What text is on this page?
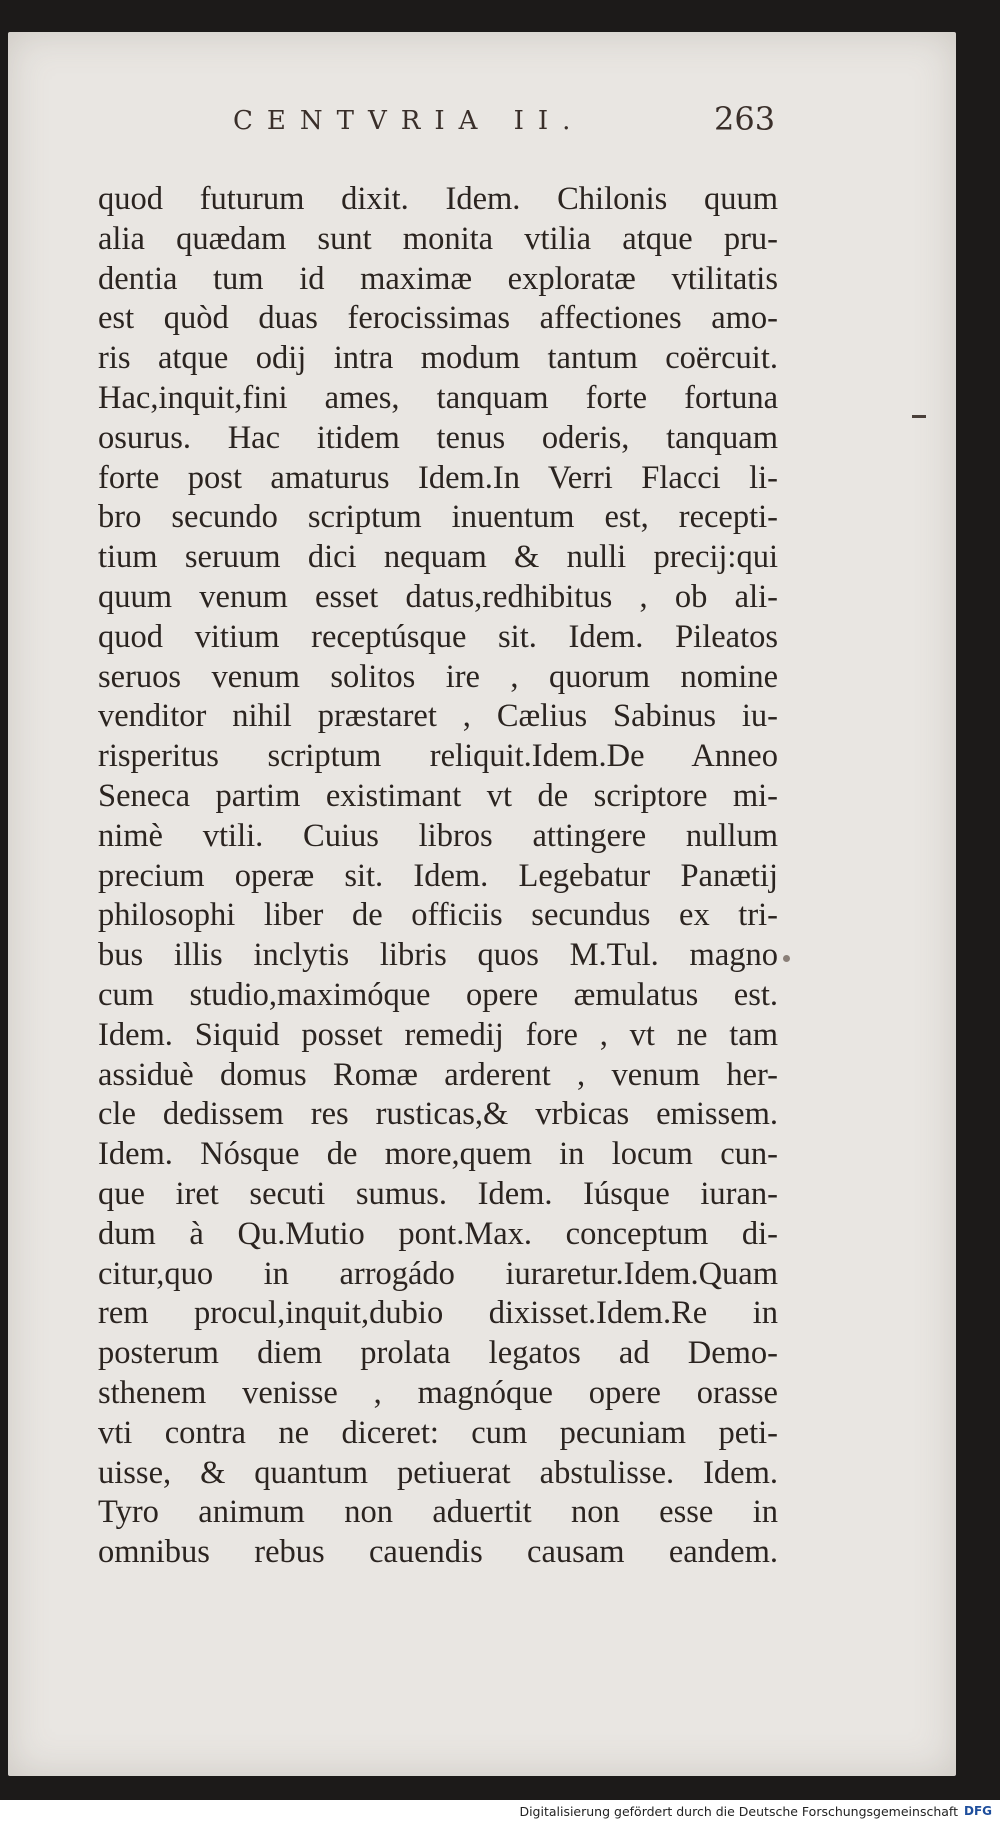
CENTVRIA II.	263
quod futurum dixit. Idem. Chilonis quum
alia quædam sunt monita vtilia atque pru-
dentia tum id maximæ exploratæ vtilitatis
est quòd duas ferocissimas affectiones amo-
ris atque odij intra modum tantum coërcuit.
Hac,inquit,fini ames, tanquam forte fortuna
osurus. Hac itidem tenus oderis, tanquam
forte post amaturus Idem.In Verri Flacci li-
bro secundo scriptum inuentum est, recepti-
tium seruum dici nequam & nulli precij:qui
quum venum esset datus,redhibitus , ob ali-
quod vitium receptúsque sit. Idem. Pileatos
seruos venum solitos ire , quorum nomine
venditor nihil præstaret , Cælius Sabinus iu-
risperitus scriptum reliquit.Idem.De Anneo
Seneca partim existimant vt de scriptore mi-
nimè vtili. Cuius libros attingere nullum
precium operæ sit. Idem. Legebatur Panætij
philosophi liber de officiis secundus ex tri-
bus illis inclytis libris quos M.Tul. magno
cum studio,maximóque opere æmulatus est.
Idem. Siquid posset remedij fore , vt ne tam
assiduè domus Romæ arderent , venum her-
cle dedissem res rusticas,& vrbicas emissem.
Idem. Nósque de more,quem in locum cun-
que iret secuti sumus. Idem. Iúsque iuran-
dum à Qu.Mutio pont.Max. conceptum di-
citur,quo in arrogádo iuraretur.Idem.Quam
rem procul,inquit,dubio dixisset.Idem.Re in
posterum diem prolata legatos ad Demo-
sthenem venisse , magnóque opere orasse
vti contra ne diceret: cum pecuniam peti-
uisse, & quantum petiuerat abstulisse. Idem.
Tyro animum non aduertit non esse in
omnibus rebus cauendis causam eandem.
Digitalisierung gefördert durch die Deutsche Forschungsgemeinschaft DFG
